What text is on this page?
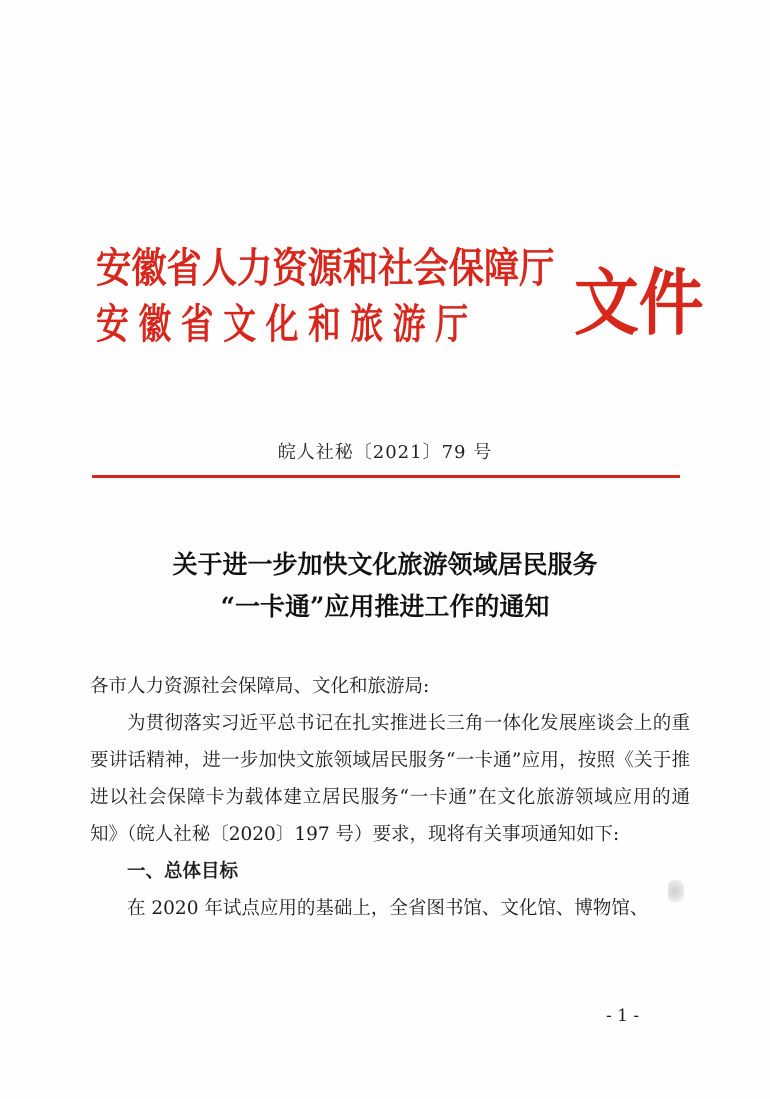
安徽省人力资源和社会保障厅
安徽省文化和旅游厅	文件
皖人社秘〔2021〕79 号
关于进一步加快文化旅游领域居民服务
“一卡通”应用推进工作的通知

各市人力资源社会保障局、文化和旅游局:

为贯彻落实习近平总书记在扎实推进长三角一体化发展座谈会上的重要讲话精神，进一步加快文旅领域居民服务“一卡通”应用，按照《关于推进以社会保障卡为载体建立居民服务“一卡通”在文化旅游领域应用的通知》（皖人社秘〔2020〕197 号）要求，现将有关事项通知如下:

一、总体目标

在 2020 年试点应用的基础上，全省图书馆、文化馆、博物馆、

- 1 -
